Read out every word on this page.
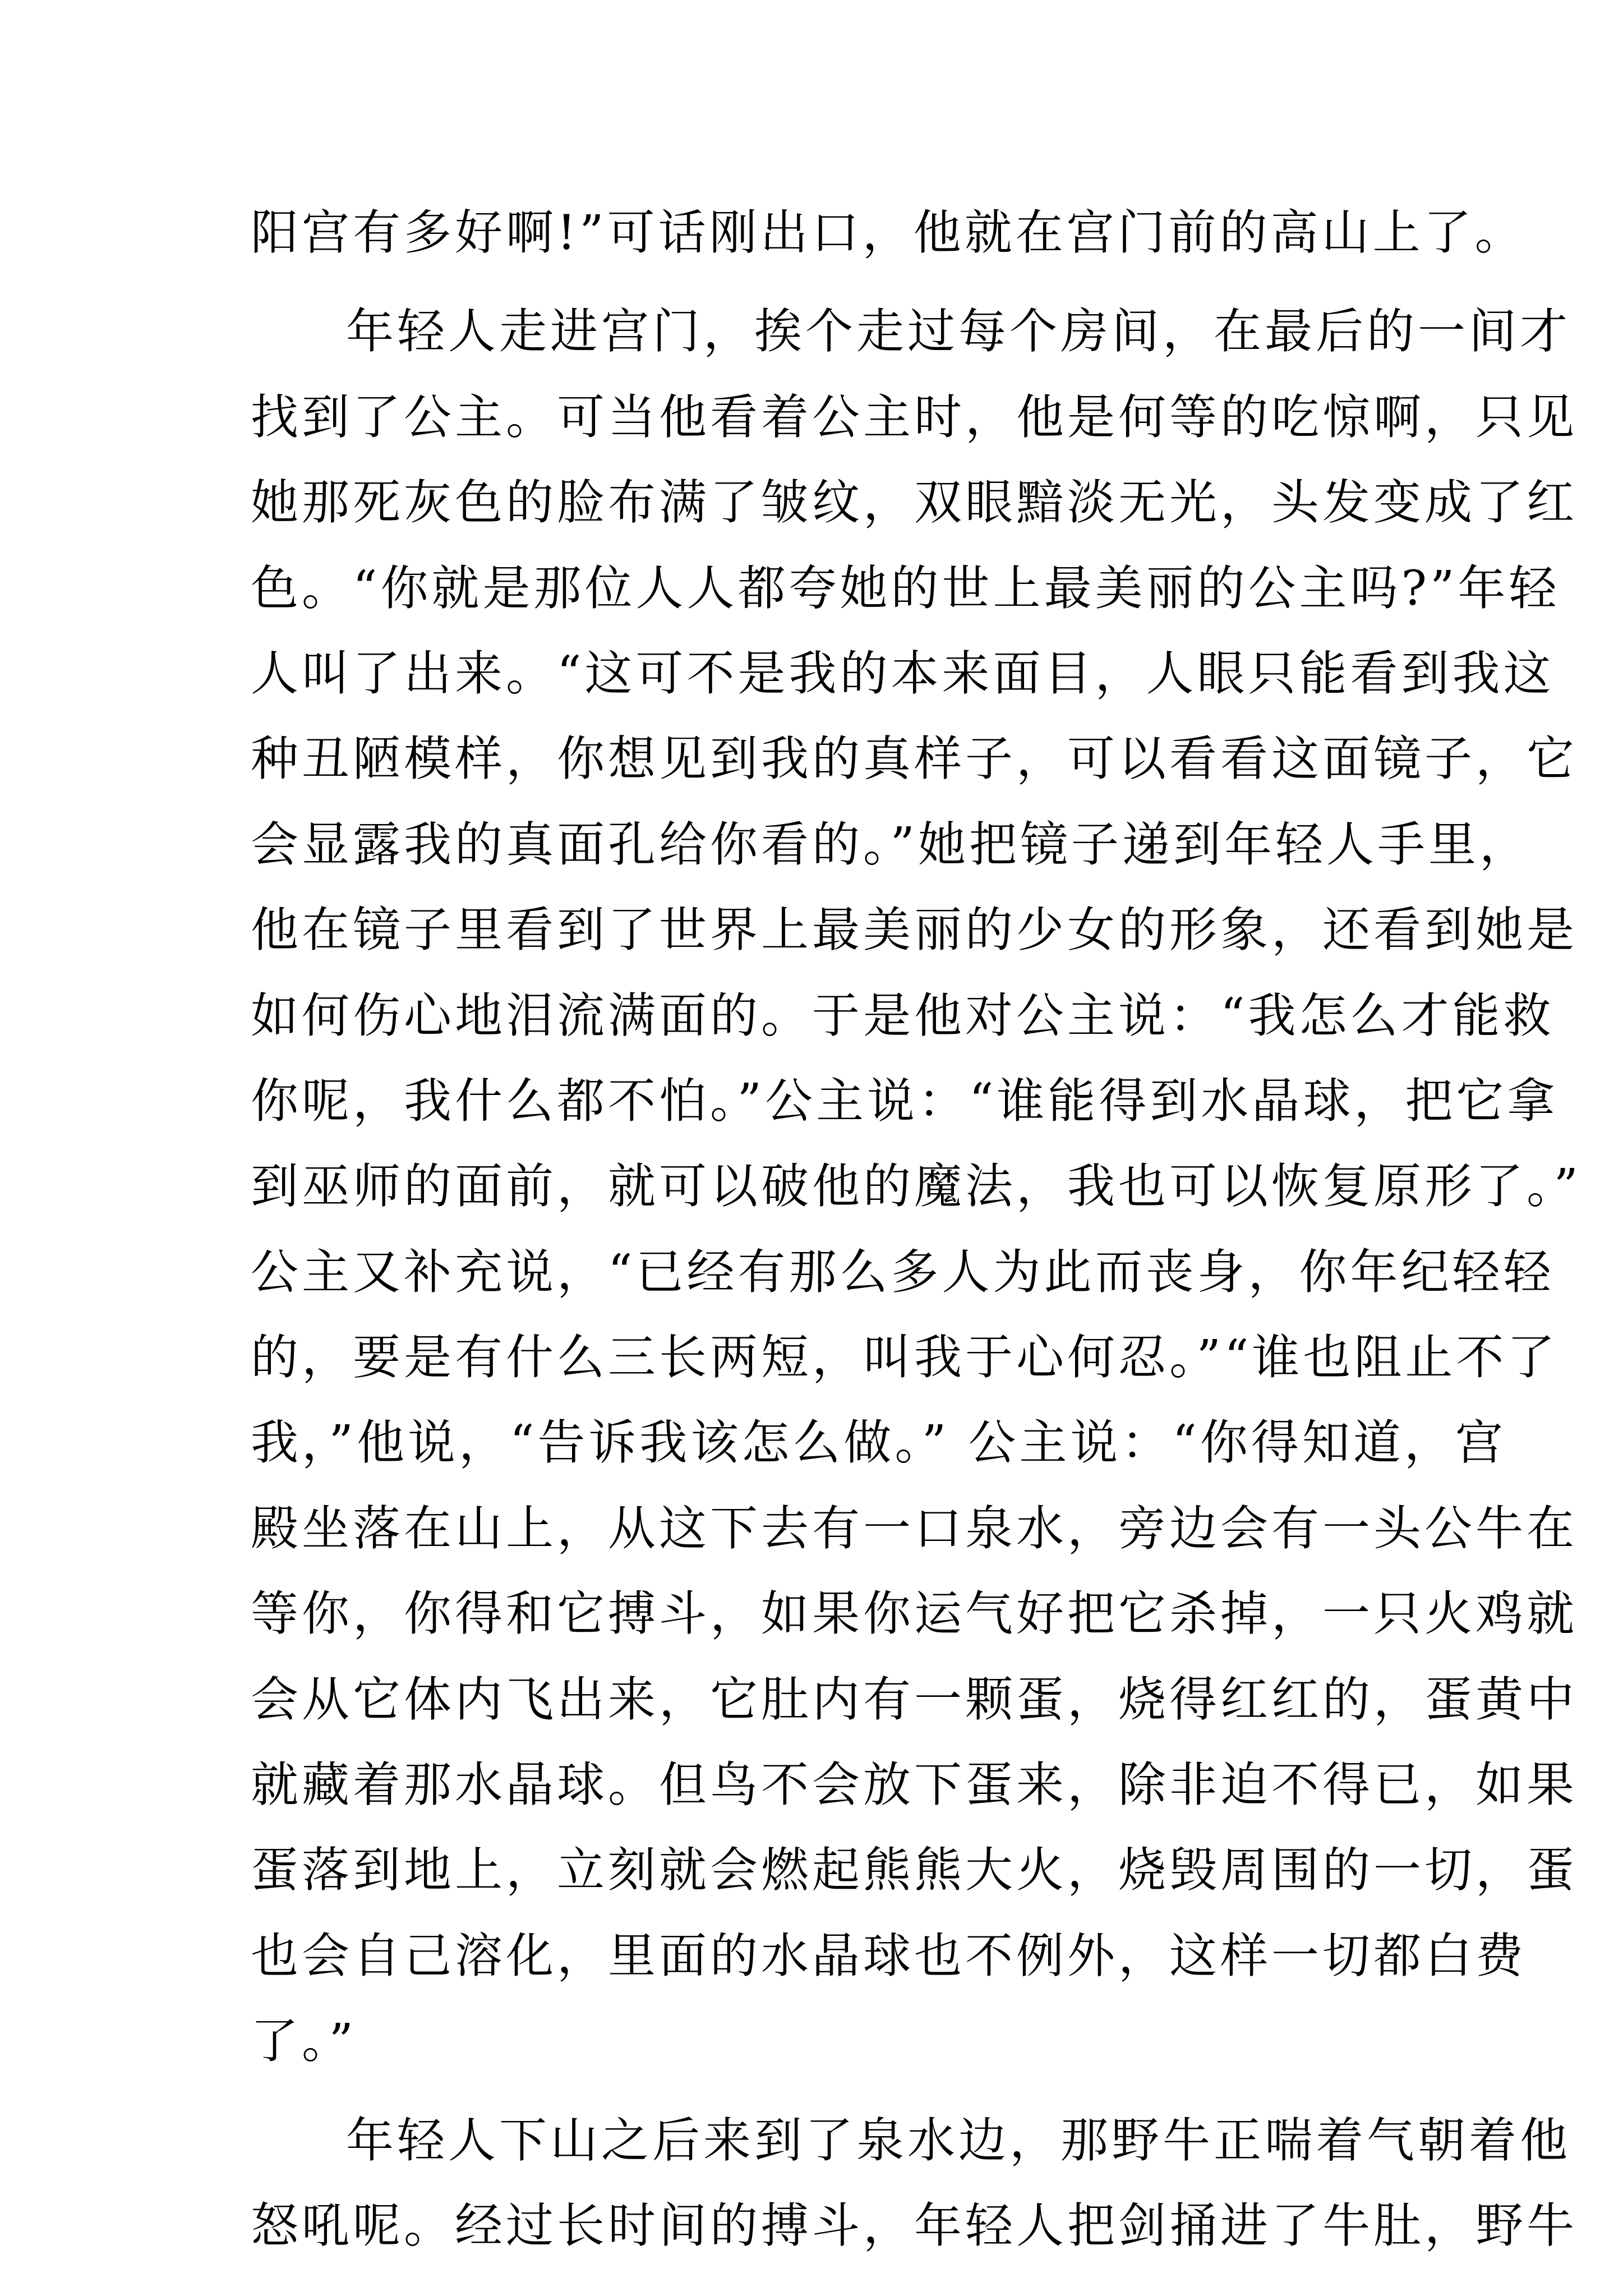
阳宫有多好啊!”可话刚出口，他就在宫门前的高山上了。
年轻人走进宫门，挨个走过每个房间，在最后的一间才
找到了公主。可当他看着公主时，他是何等的吃惊啊，只见
她那死灰色的脸布满了皱纹，双眼黯淡无光，头发变成了红
色。“你就是那位人人都夸她的世上最美丽的公主吗?”年轻
人叫了出来。“这可不是我的本来面目，人眼只能看到我这
种丑陋模样，你想见到我的真样子，可以看看这面镜子，它
会显露我的真面孔给你看的。”她把镜子递到年轻人手里，
他在镜子里看到了世界上最美丽的少女的形象，还看到她是
如何伤心地泪流满面的。于是他对公主说：“我怎么才能救
你呢，我什么都不怕。”公主说：“谁能得到水晶球，把它拿
到巫师的面前，就可以破他的魔法，我也可以恢复原形了。”
公主又补充说，“已经有那么多人为此而丧身，你年纪轻轻
的，要是有什么三长两短，叫我于心何忍。”“谁也阻止不了
我，”他说，“告诉我该怎么做。” 公主说：“你得知道，宫
殿坐落在山上，从这下去有一口泉水，旁边会有一头公牛在
等你，你得和它搏斗，如果你运气好把它杀掉，一只火鸡就
会从它体内飞出来，它肚内有一颗蛋，烧得红红的，蛋黄中
就藏着那水晶球。但鸟不会放下蛋来，除非迫不得已，如果
蛋落到地上，立刻就会燃起熊熊大火，烧毁周围的一切，蛋
也会自己溶化，里面的水晶球也不例外，这样一切都白费
了。”
年轻人下山之后来到了泉水边，那野牛正喘着气朝着他
怒吼呢。经过长时间的搏斗，年轻人把剑捅进了牛肚，野牛
